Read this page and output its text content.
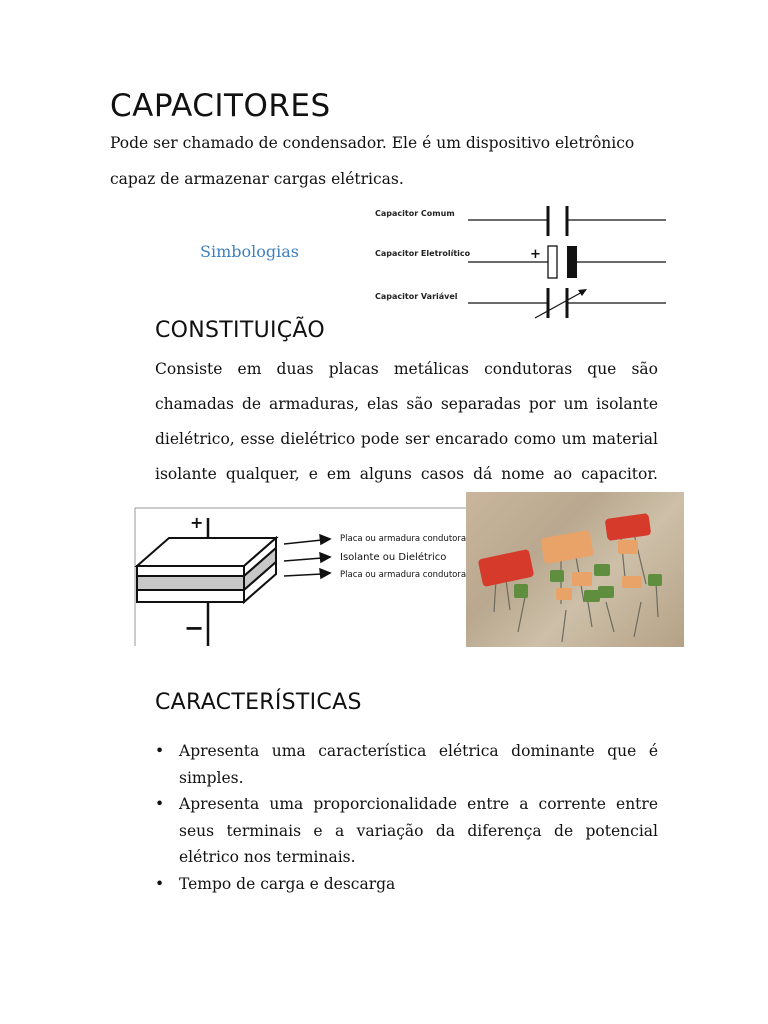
CAPACITORES

Pode ser chamado de condensador. Ele é um dispositivo eletrônico capaz de armazenar cargas elétricas.

Simbologias
Capacitor Comum
Capacitor Eletrolítico	+
Capacitor Variável
CONSTITUIÇÃO

Consiste em duas placas metálicas condutoras que são chamadas de armaduras, elas são separadas por um isolante dielétrico, esse dielétrico pode ser encarado como um material isolante qualquer, e em alguns casos dá nome ao capacitor.

+
−
Placa ou armadura condutora
Isolante ou Dielétrico
Placa ou armadura condutora
CARACTERÍSTICAS
• Apresenta uma característica elétrica dominante que é simples.
• Apresenta uma proporcionalidade entre a corrente entre seus terminais e a variação da diferença de potencial elétrico nos terminais.
• Tempo de carga e descarga
